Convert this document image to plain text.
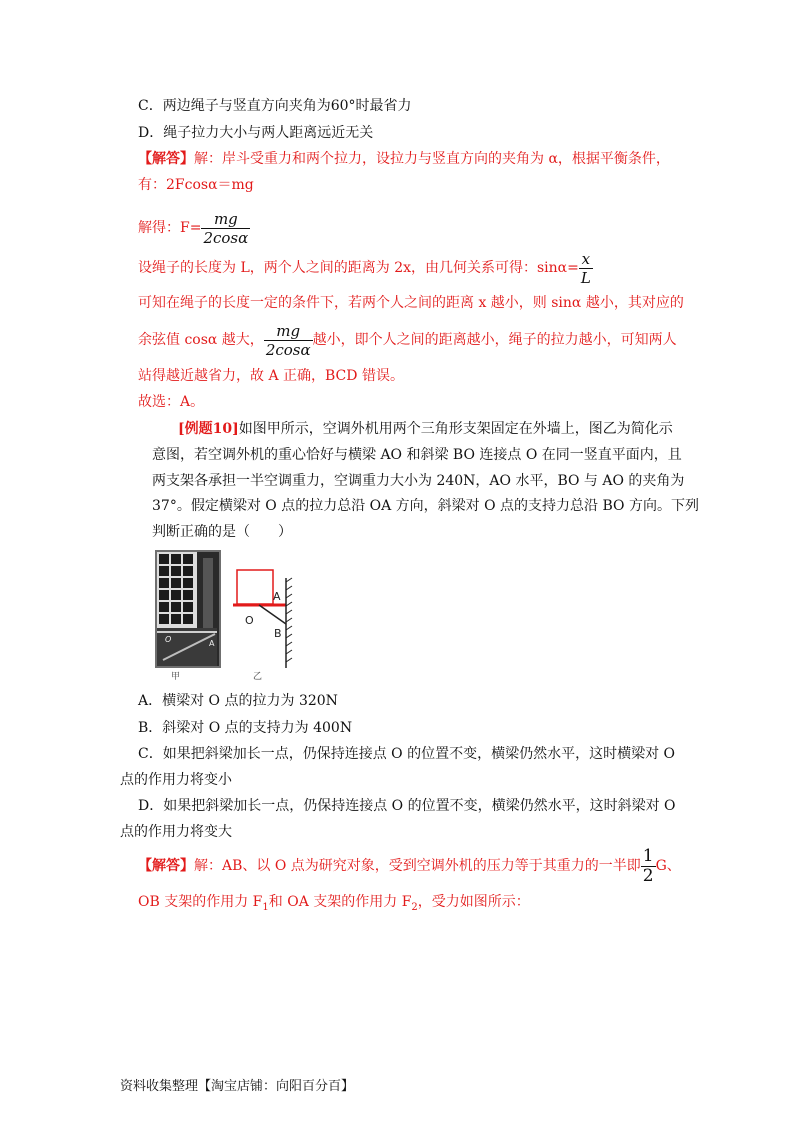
C．两边绳子与竖直方向夹角为60°时最省力
D．绳子拉力大小与两人距离远近无关
【解答】解：岸斗受重力和两个拉力，设拉力与竖直方向的夹角为 α，根据平衡条件，
有：2Fcosα＝mg
解得：$F= \frac{mg}{2\cos\alpha}$
设绳子的长度为 L，两个人之间的距离为 2x，由几何关系可得：$\sin\alpha= \frac{x}{L}$
可知在绳子的长度一定的条件下，若两个人之间的距离 x 越小，则 sinα 越小，其对应的
余弦值 cosα 越大， $\frac{mg}{2\cos\alpha}$ 越小，即个人之间的距离越小，绳子的拉力越小，可知两人
站得越近越省力，故 A 正确，BCD 错误。
故选：A。
[例题10]如图甲所示，空调外机用两个三角形支架固定在外墙上，图乙为简化示
意图，若空调外机的重心恰好与横梁 AO 和斜梁 BO 连接点 O 在同一竖直平面内，且
两支架各承担一半空调重力，空调重力大小为 240N，AO 水平，BO 与 AO 的夹角为
37°。假定横梁对 O 点的拉力总沿 OA 方向，斜梁对 O 点的支持力总沿 BO 方向。下列
判断正确的是（　　）
O	A
甲
A
B
O
乙
A．横梁对 O 点的拉力为 320N
B．斜梁对 O 点的支持力为 400N
C．如果把斜梁加长一点，仍保持连接点 O 的位置不变，横梁仍然水平，这时横梁对 O
点的作用力将变小
D．如果把斜梁加长一点，仍保持连接点 O 的位置不变，横梁仍然水平，这时斜梁对 O
点的作用力将变大
【解答】解：AB、以 O 点为研究对象，受到空调外机的压力等于其重力的一半即 $\frac{1}{2}$ G、
OB 支架的作用力 $F_1$和 OA 支架的作用力 $F_2$，受力如图所示：
资料收集整理【淘宝店铺：向阳百分百】
